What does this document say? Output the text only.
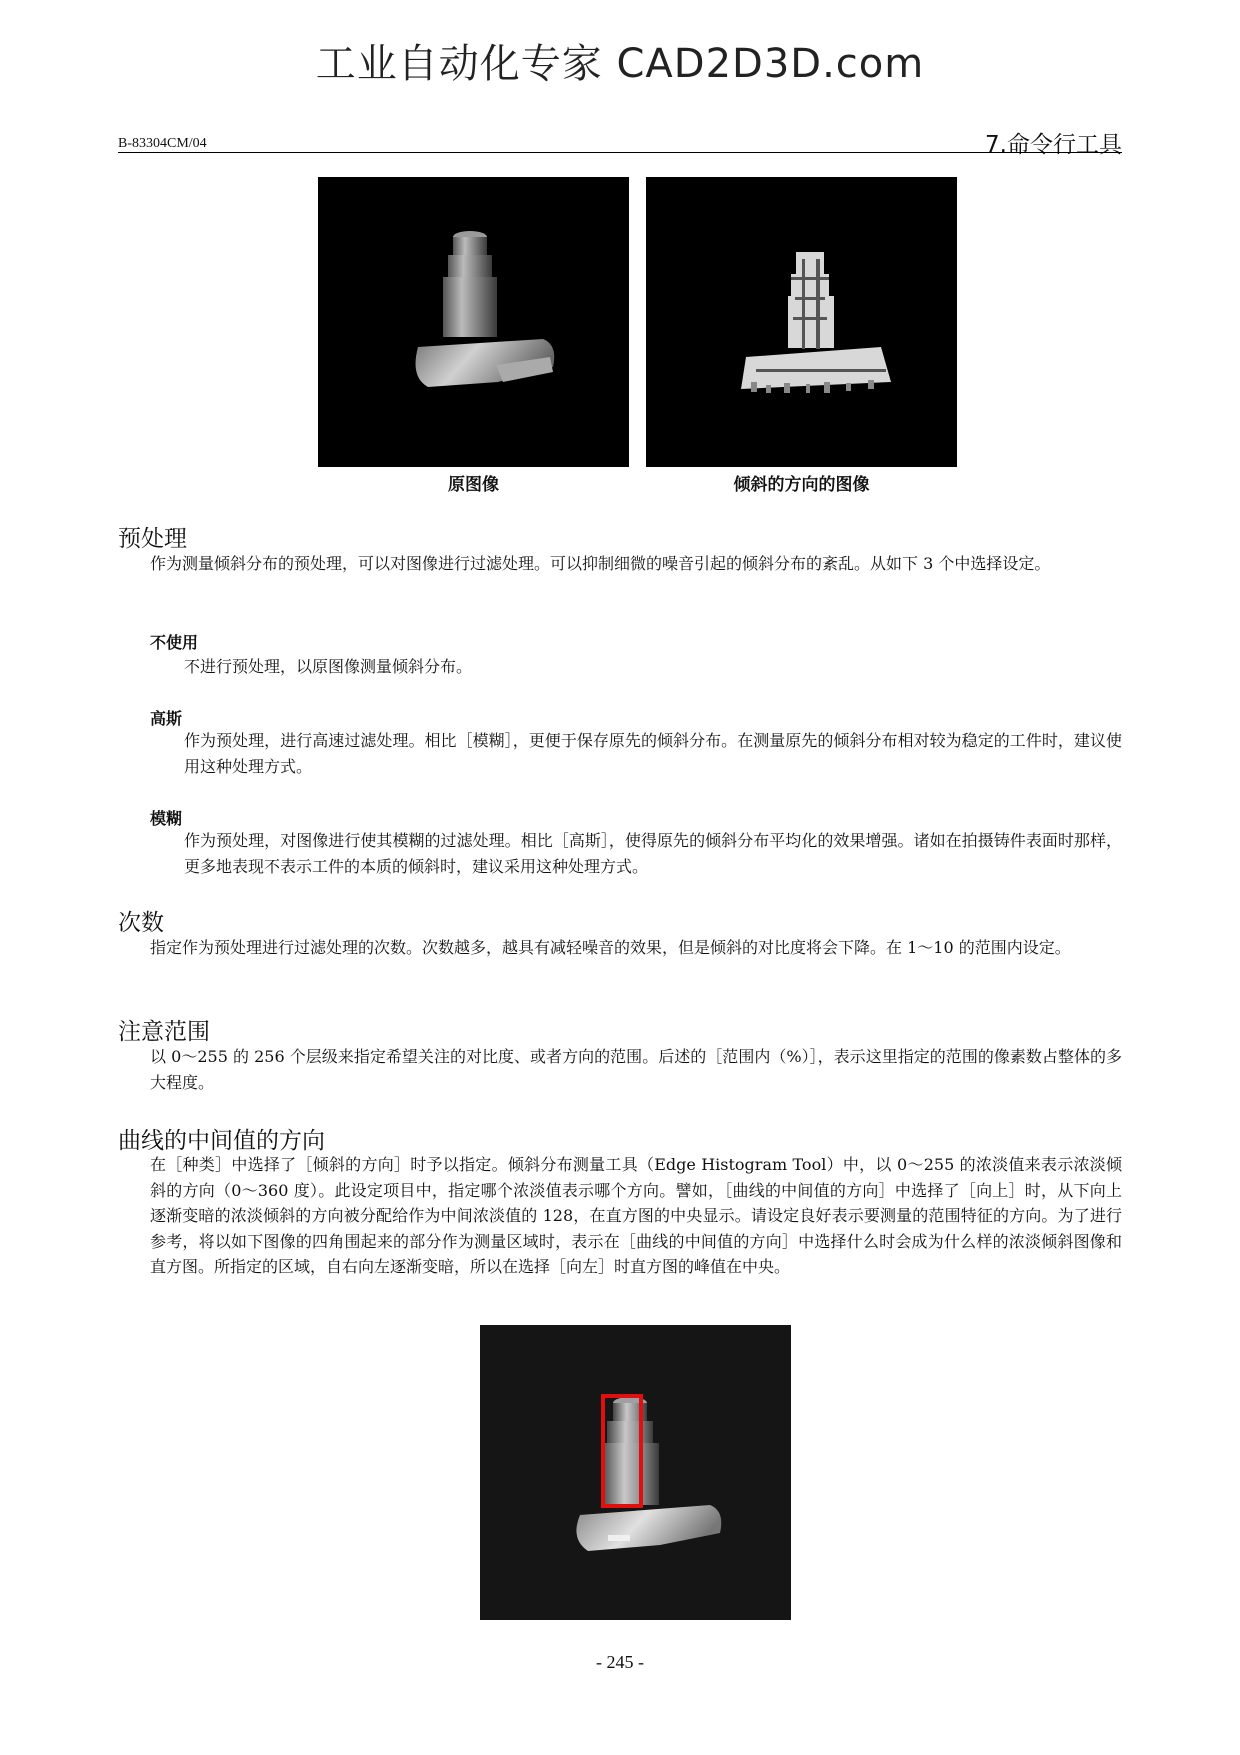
工业自动化专家 CAD2D3D.com
B-83304CM/04	7.命令行工具
原图像	倾斜的方向的图像
预处理
作为测量倾斜分布的预处理，可以对图像进行过滤处理。可以抑制细微的噪音引起的倾斜分布的紊乱。从如下 3 个中选择设定。
不使用
不进行预处理，以原图像测量倾斜分布。
高斯
作为预处理，进行高速过滤处理。相比［模糊］，更便于保存原先的倾斜分布。在测量原先的倾斜分布相对较为稳定的工件时，建议使用这种处理方式。
模糊
作为预处理，对图像进行使其模糊的过滤处理。相比［高斯］，使得原先的倾斜分布平均化的效果增强。诸如在拍摄铸件表面时那样，更多地表现不表示工件的本质的倾斜时，建议采用这种处理方式。
次数
指定作为预处理进行过滤处理的次数。次数越多，越具有减轻噪音的效果，但是倾斜的对比度将会下降。在 1～10 的范围内设定。
注意范围
以 0～255 的 256 个层级来指定希望关注的对比度、或者方向的范围。后述的［范围内（%）］，表示这里指定的范围的像素数占整体的多大程度。
曲线的中间值的方向
在［种类］中选择了［倾斜的方向］时予以指定。倾斜分布测量工具（Edge Histogram Tool）中，以 0～255 的浓淡值来表示浓淡倾斜的方向（0～360 度）。此设定项目中，指定哪个浓淡值表示哪个方向。譬如，［曲线的中间值的方向］中选择了［向上］时，从下向上逐渐变暗的浓淡倾斜的方向被分配给作为中间浓淡值的 128，在直方图的中央显示。请设定良好表示要测量的范围特征的方向。为了进行参考，将以如下图像的四角围起来的部分作为测量区域时，表示在［曲线的中间值的方向］中选择什么时会成为什么样的浓淡倾斜图像和直方图。所指定的区域，自右向左逐渐变暗，所以在选择［向左］时直方图的峰值在中央。
- 245 -
